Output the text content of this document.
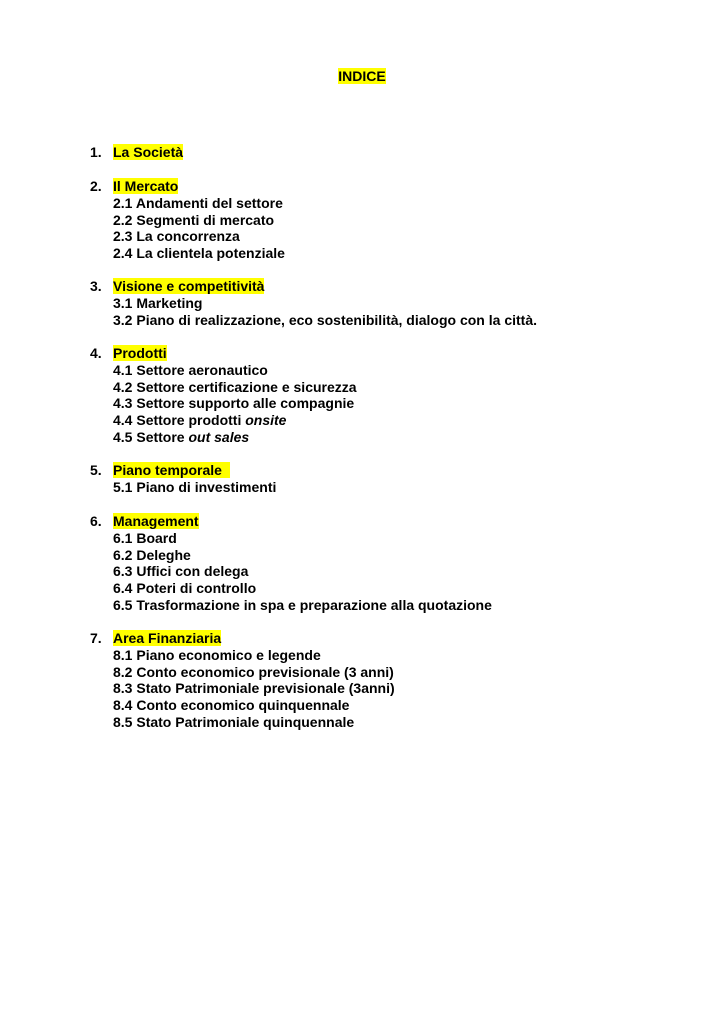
INDICE
1. La Società
2. Il Mercato
2.1 Andamenti del settore
2.2 Segmenti di mercato
2.3 La concorrenza
2.4 La clientela potenziale
3. Visione e competitività
3.1 Marketing
3.2 Piano di realizzazione, eco sostenibilità, dialogo con la città.
4. Prodotti
4.1 Settore aeronautico
4.2 Settore certificazione e sicurezza
4.3 Settore supporto alle compagnie
4.4 Settore prodotti onsite
4.5 Settore out sales
5. Piano temporale
5.1 Piano di investimenti
6. Management
6.1 Board
6.2 Deleghe
6.3 Uffici con delega
6.4 Poteri di controllo
6.5 Trasformazione in spa e preparazione alla quotazione
7. Area Finanziaria
8.1 Piano economico e legende
8.2 Conto economico previsionale (3 anni)
8.3 Stato Patrimoniale previsionale (3anni)
8.4 Conto economico quinquennale
8.5 Stato Patrimoniale quinquennale
